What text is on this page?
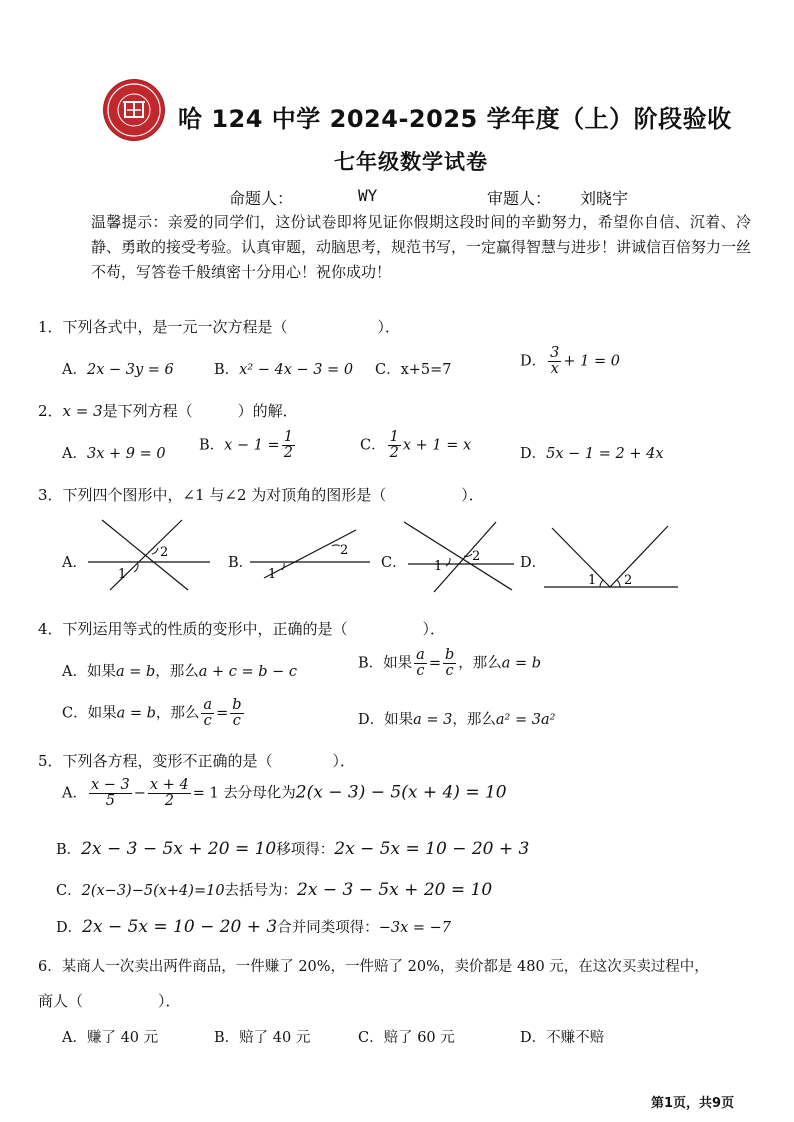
哈 124 中学 2024-2025 学年度（上）阶段验收
七年级数学试卷
命题人：	WY	审题人： 刘晓宇
温馨提示：亲爱的同学们，这份试卷即将见证你假期这段时间的辛勤努力，希望你自信、沉着、冷静、勇敢的接受考验。认真审题，动脑思考，规范书写，一定赢得智慧与进步！讲诚信百倍努力一丝不苟，写答卷千般缜密十分用心！祝你成功！
1．下列各式中，是一元一次方程是（　　　　　　）．
A．2x − 3y = 6	B．x² − 4x − 3 = 0 C．x+5=7
D． $\frac{3}{x} + 1 = 0$
2．x = 3是下列方程（　　　）的解．
A．3x + 9 = 0
B．$x - 1 = \frac{1}{2}$	C． $\frac{1}{2}$ x + 1 = x
D．5x − 1 = 2 + 4x
3．下列四个图形中，∠1 与∠2 为对顶角的图形是（　　　　　）．
A．
1
2
B．
1
2
C． 1
2	D．
1 2
4．下列运用等式的性质的变形中，正确的是（　　　　　）．
A．如果a = b，那么a + c = b − c
B．如果 $\frac{a}{c} = \frac{b}{c}$ ，那么a = b
C．如果a = b，那么 $\frac{a}{c} = \frac{b}{c}$	D．如果a = 3，那么a² = 3a²
5．下列各方程，变形不正确的是（　　　　）．
A． $\frac{x - 3}{5} - \frac{x + 4}{2} = 1$ 去分母化为2(x − 3) − 5(x + 4) = 10
B．2x − 3 − 5x + 20 = 10移项得：2x − 5x = 10 − 20 + 3
C．2(x−3)−5(x+4)=10去括号为：2x − 3 − 5x + 20 = 10
D．2x − 5x = 10 − 20 + 3合并同类项得：−3x = −7
6．某商人一次卖出两件商品，一件赚了 20%，一件赔了 20%，卖价都是 480 元，在这次买卖过程中，
商人（　　　　　）．
A．赚了 40 元	B．赔了 40 元	C．赔了 60 元	D．不赚不赔
第1页，共9页
